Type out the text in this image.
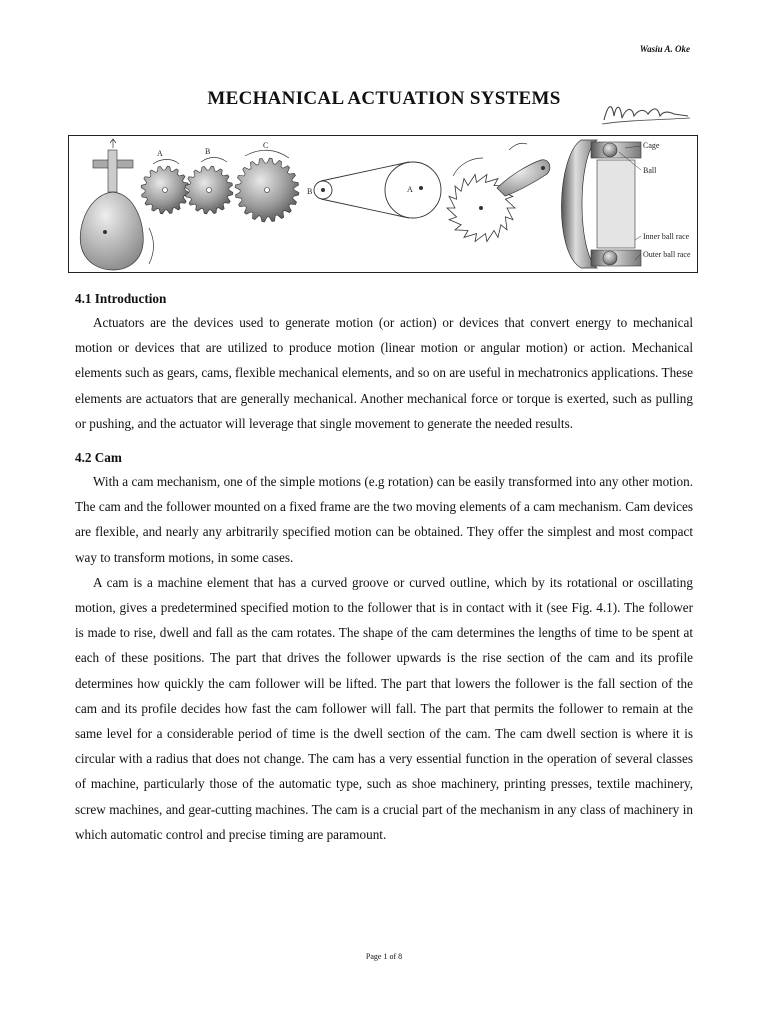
Wasiu A. Oke
MECHANICAL ACTUATION SYSTEMS
A	B
C
A
B
Cage
Ball
Inner ball race
Outer ball race
4.1 Introduction

Actuators are the devices used to generate motion (or action) or devices that convert energy to mechanical motion or devices that are utilized to produce motion (linear motion or angular motion) or action. Mechanical elements such as gears, cams, flexible mechanical elements, and so on are useful in mechatronics applications. These elements are actuators that are generally mechanical. Another mechanical force or torque is exerted, such as pulling or pushing, and the actuator will leverage that single movement to generate the needed results.

4.2 Cam

With a cam mechanism, one of the simple motions (e.g rotation) can be easily transformed into any other motion. The cam and the follower mounted on a fixed frame are the two moving elements of a cam mechanism. Cam devices are flexible, and nearly any arbitrarily specified motion can be obtained. They offer the simplest and most compact way to transform motions, in some cases.

A cam is a machine element that has a curved groove or curved outline, which by its rotational or oscillating motion, gives a predetermined specified motion to the follower that is in contact with it (see Fig. 4.1). The follower is made to rise, dwell and fall as the cam rotates. The shape of the cam determines the lengths of time to be spent at each of these positions. The part that drives the follower upwards is the rise section of the cam and its profile determines how quickly the cam follower will be lifted. The part that lowers the follower is the fall section of the cam and its profile decides how fast the cam follower will fall. The part that permits the follower to remain at the same level for a considerable period of time is the dwell section of the cam. The cam dwell section is where it is circular with a radius that does not change. The cam has a very essential function in the operation of several classes of machine, particularly those of the automatic type, such as shoe machinery, printing presses, textile machinery, screw machines, and gear-cutting machines. The cam is a crucial part of the mechanism in any class of machinery in which automatic control and precise timing are paramount.

Page 1 of 8
